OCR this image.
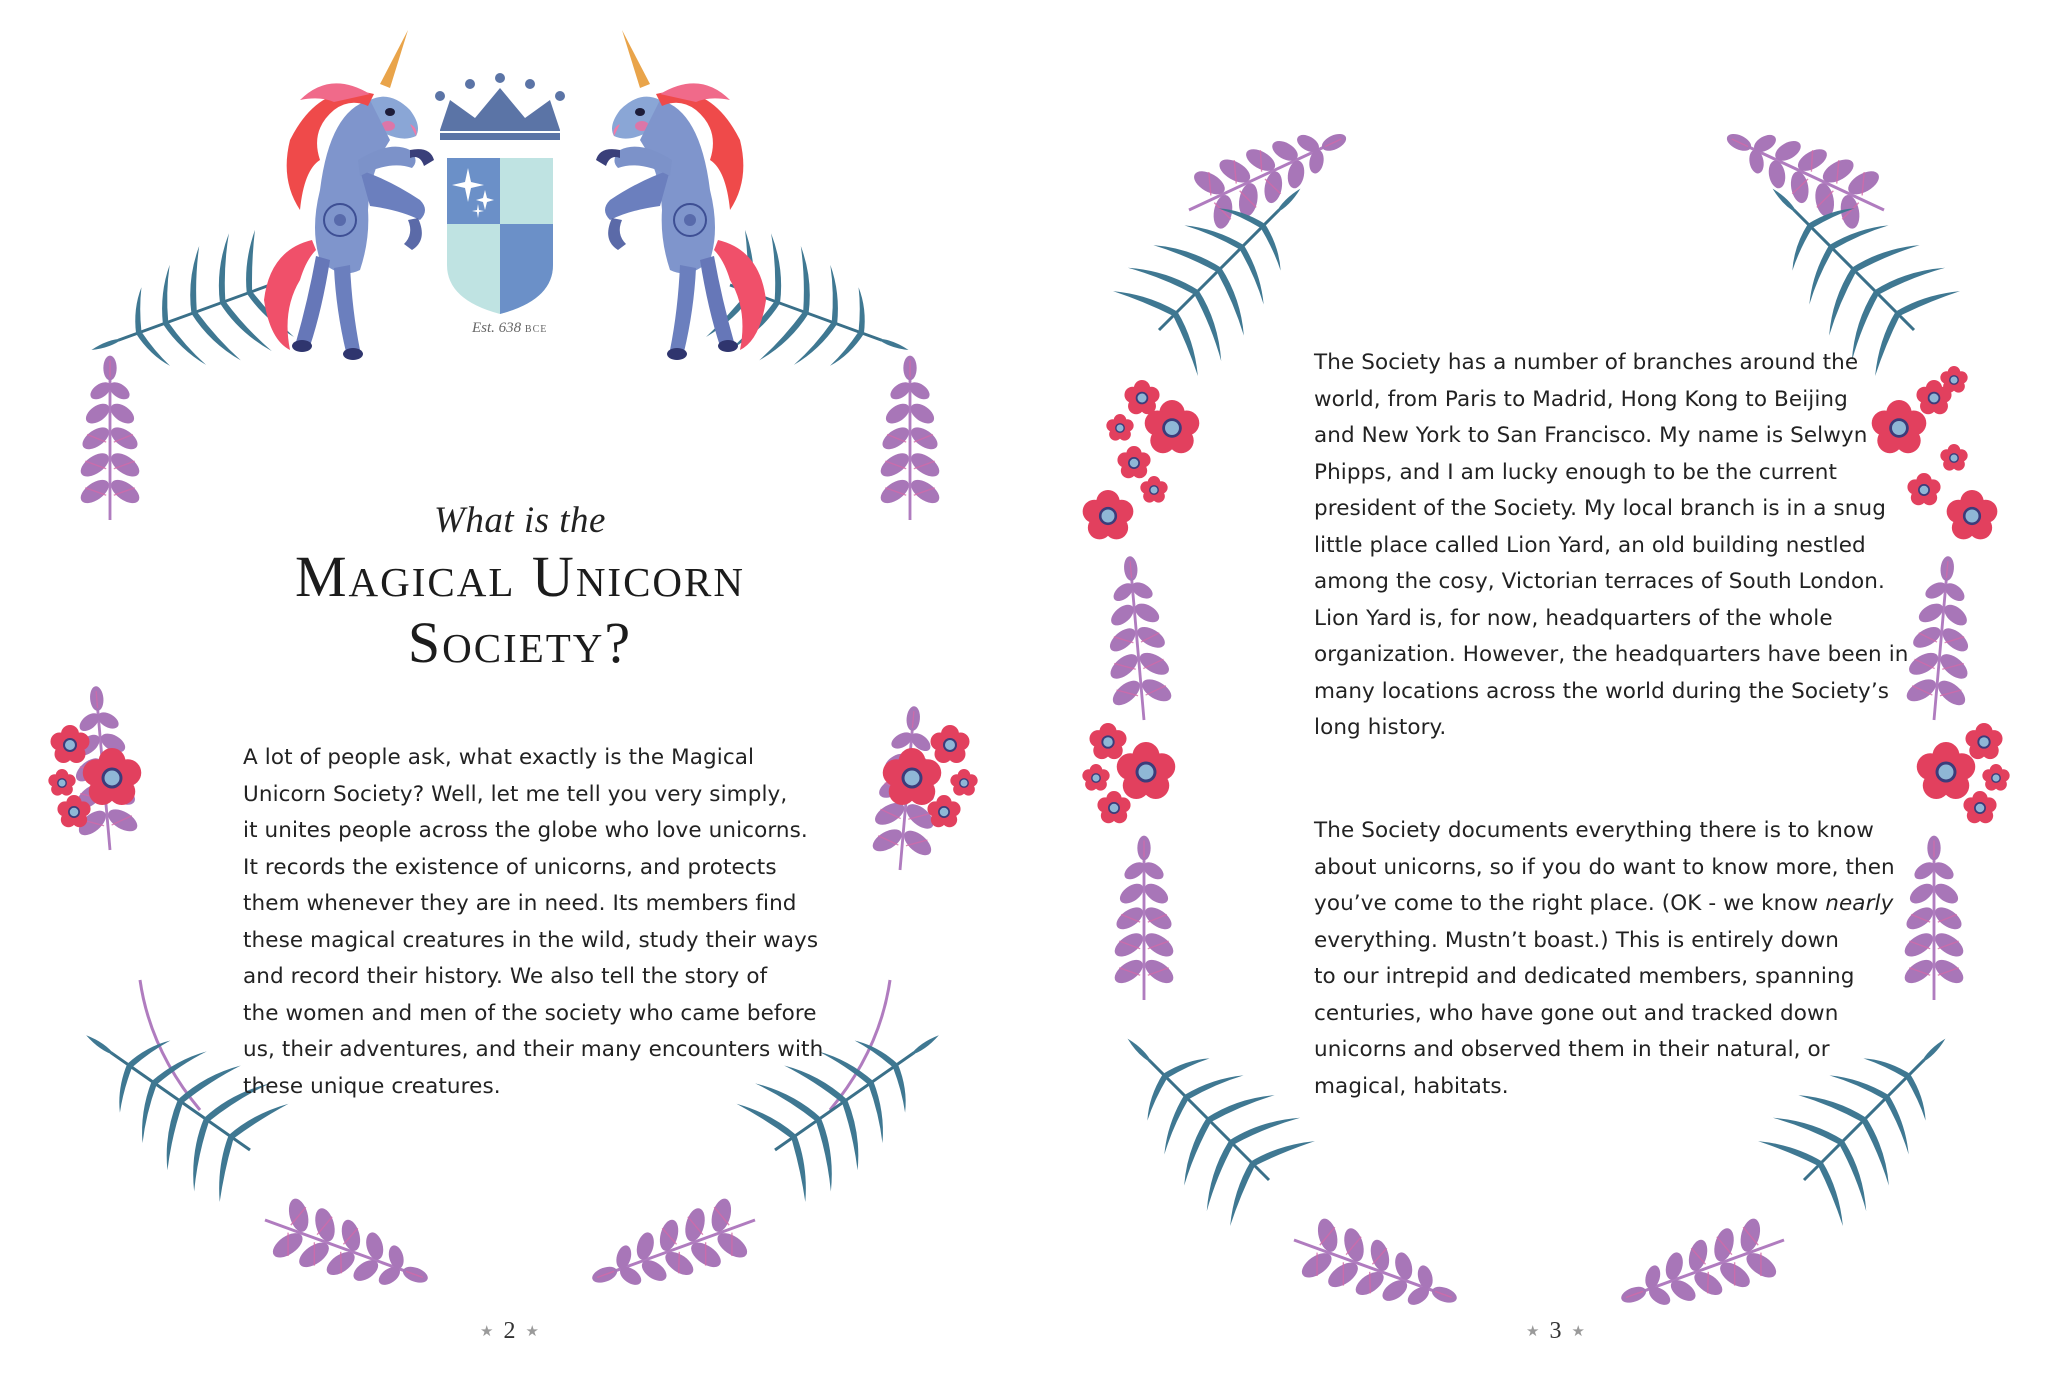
Est. 638 BCE
What is the
Magical Unicorn
Society?
A lot of people ask, what exactly is the Magical
Unicorn Society? Well, let me tell you very simply,
it unites people across the globe who love unicorns.
It records the existence of unicorns, and protects
them whenever they are in need. Its members find
these magical creatures in the wild, study their ways
and record their history. We also tell the story of
the women and men of the society who came before
us, their adventures, and their many encounters with
these unique creatures.
★ 2 ★
The Society has a number of branches around the
world, from Paris to Madrid, Hong Kong to Beijing
and New York to San Francisco. My name is Selwyn
Phipps, and I am lucky enough to be the current
president of the Society. My local branch is in a snug
little place called Lion Yard, an old building nestled
among the cosy, Victorian terraces of South London.
Lion Yard is, for now, headquarters of the whole
organization. However, the headquarters have been in
many locations across the world during the Society’s
long history.
The Society documents everything there is to know
about unicorns, so if you do want to know more, then
you’ve come to the right place. (OK - we know nearly
everything. Mustn’t boast.) This is entirely down
to our intrepid and dedicated members, spanning
centuries, who have gone out and tracked down
unicorns and observed them in their natural, or
magical, habitats.
★ 3 ★
